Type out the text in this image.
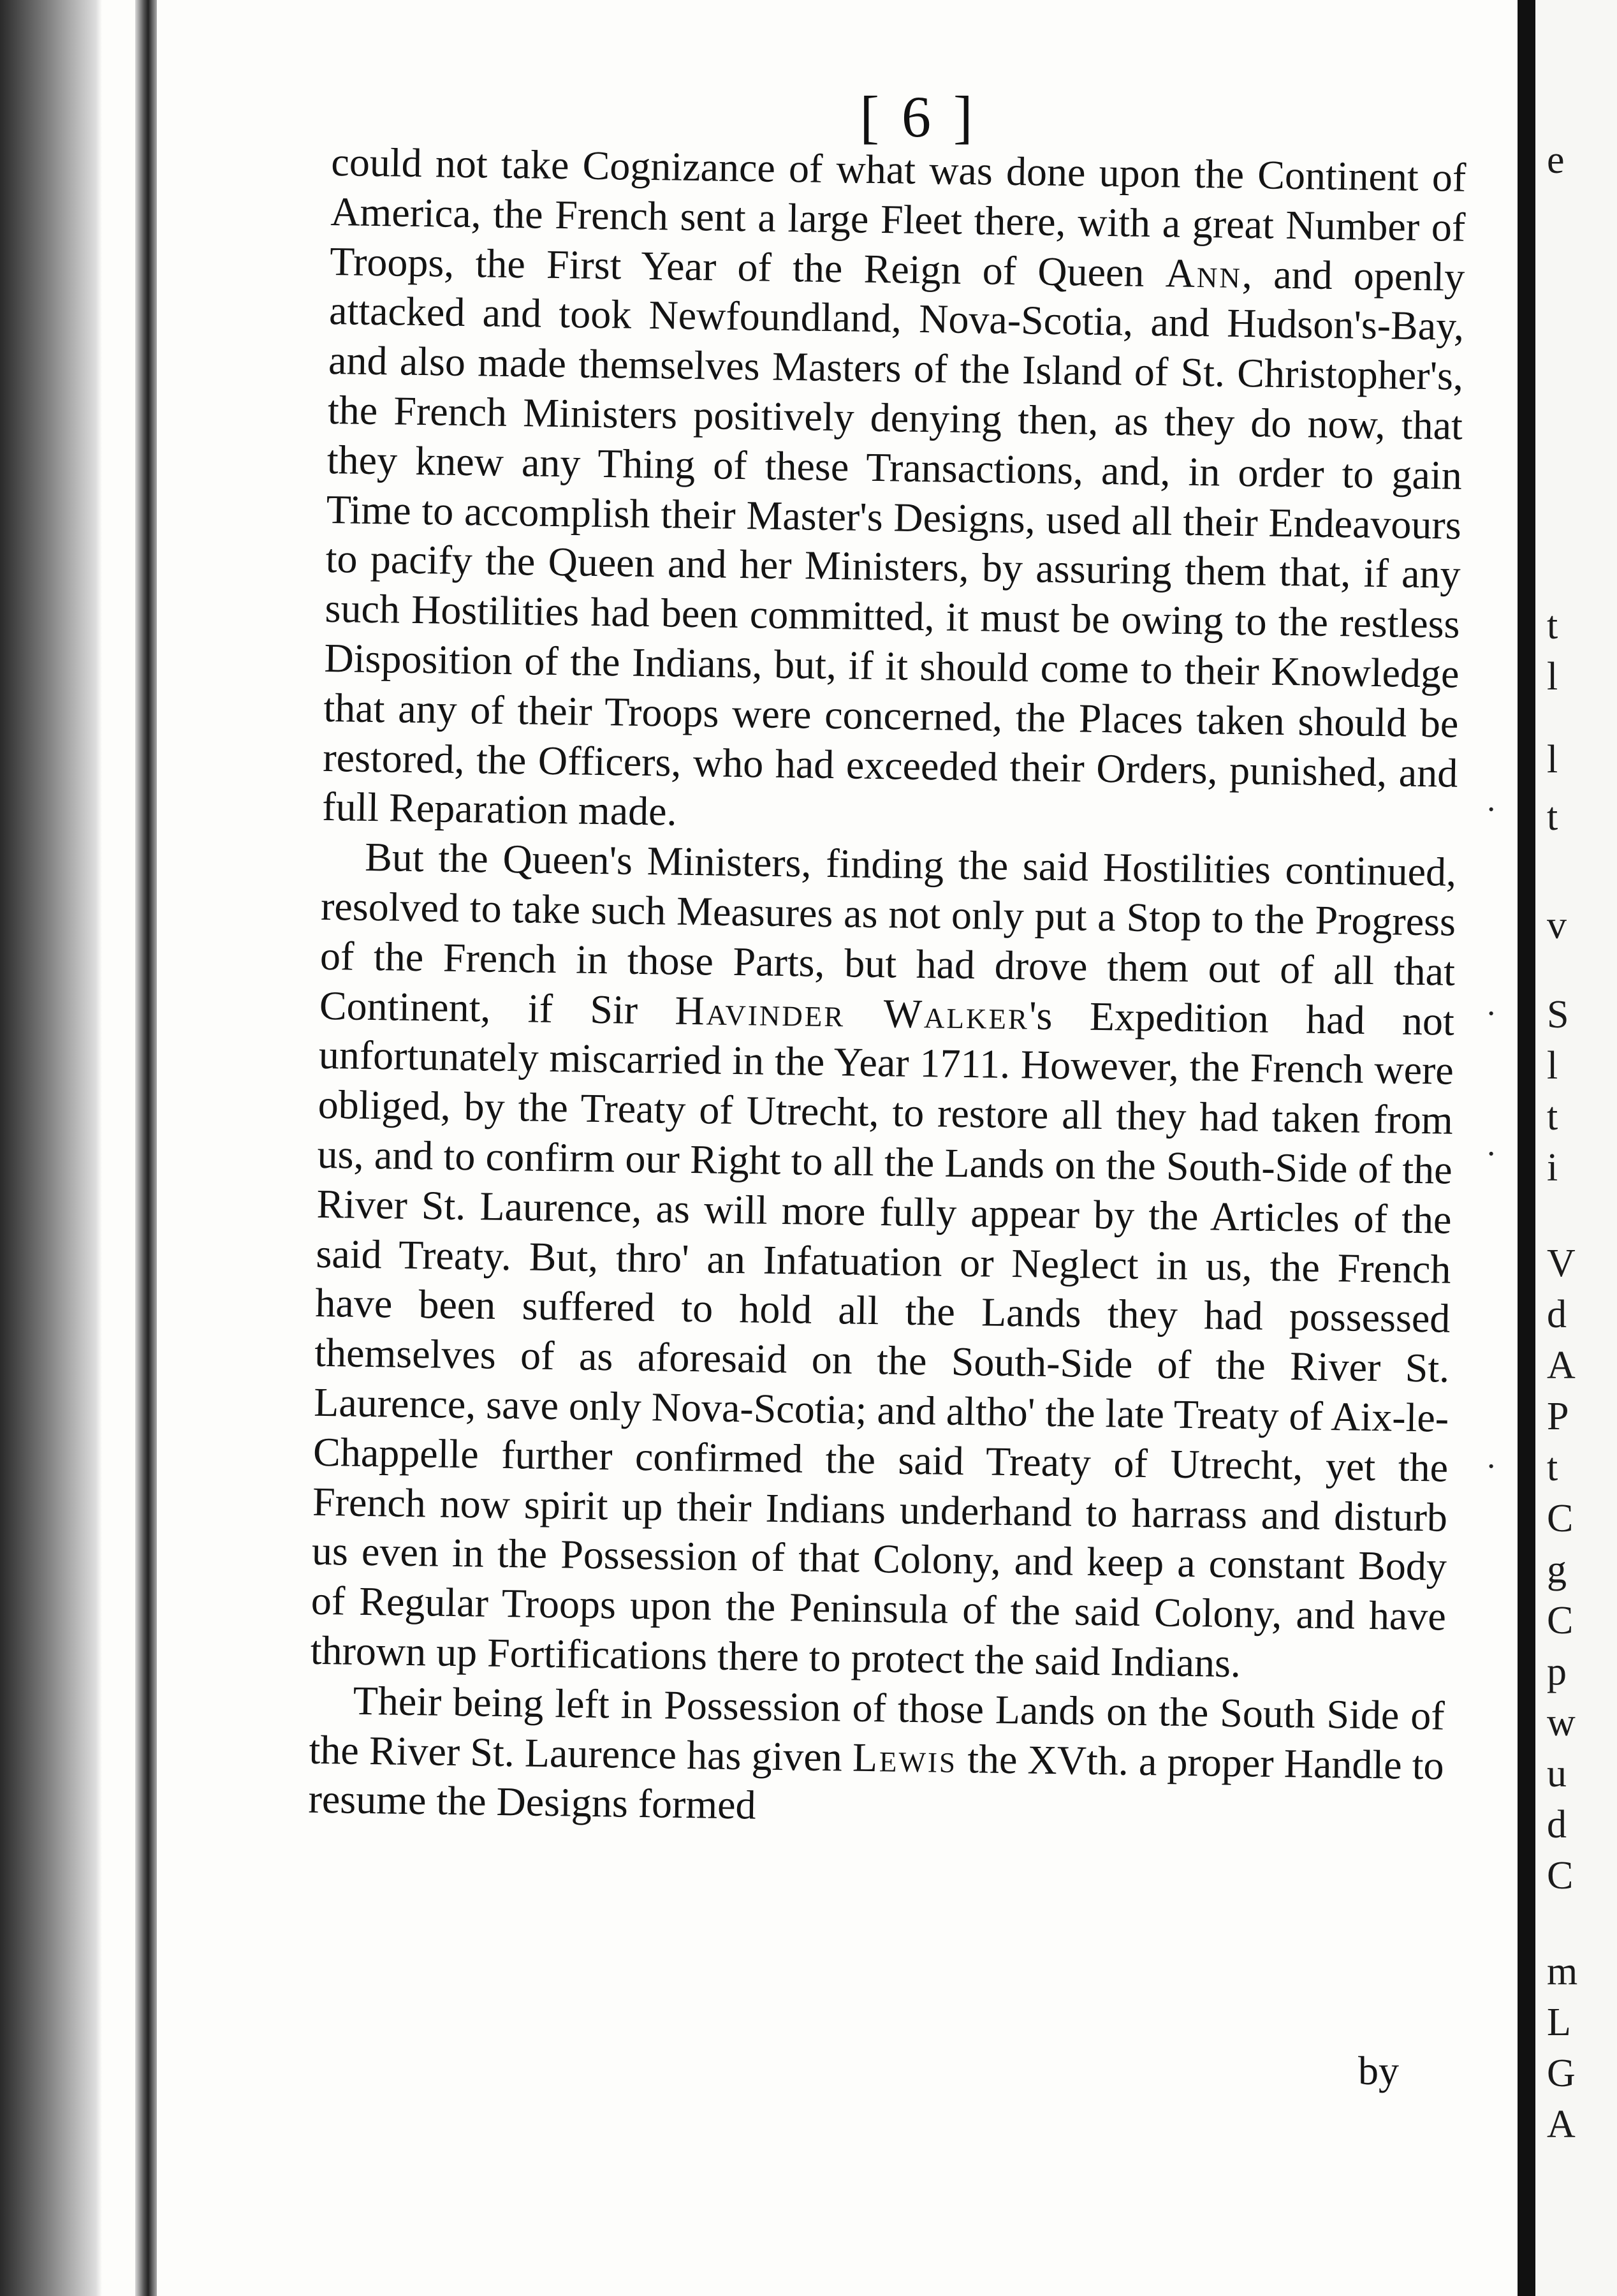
e
t
l
l
t
v
S
l
t
i
V
d
A
P
t
C
g
C
p
w
u
d
C
m
L
G
A
·
·
·
·
[ 6 ]

could not take Cognizance of what was done upon the Continent of America, the French sent a large Fleet there, with a great Number of Troops, the First Year of the Reign of Queen Ann, and openly attacked and took Newfoundland, Nova-Scotia, and Hudson's-Bay, and also made themselves Masters of the Island of St. Christopher's, the French Ministers positively denying then, as they do now, that they knew any Thing of these Transactions, and, in order to gain Time to accomplish their Master's Designs, used all their Endeavours to pacify the Queen and her Ministers, by assuring them that, if any such Hostilities had been committed, it must be owing to the restless Disposition of the Indians, but, if it should come to their Knowledge that any of their Troops were concerned, the Places taken should be restored, the Officers, who had exceeded their Orders, punished, and full Reparation made.

But the Queen's Ministers, finding the said Hostilities continued, resolved to take such Measures as not only put a Stop to the Progress of the French in those Parts, but had drove them out of all that Continent, if Sir Havinder Walker's Expedition had not unfortunately miscarried in the Year 1711. However, the French were obliged, by the Treaty of Utrecht, to restore all they had taken from us, and to confirm our Right to all the Lands on the South-Side of the River St. Laurence, as will more fully appear by the Articles of the said Treaty. But, thro' an Infatuation or Neglect in us, the French have been suffered to hold all the Lands they had possessed themselves of as aforesaid on the South-Side of the River St. Laurence, save only Nova-Scotia; and altho' the late Treaty of Aix-le-Chappelle further confirmed the said Treaty of Utrecht, yet the French now spirit up their Indians underhand to harrass and disturb us even in the Possession of that Colony, and keep a constant Body of Regular Troops upon the Peninsula of the said Colony, and have thrown up Fortifications there to protect the said Indians.

Their being left in Possession of those Lands on the South Side of the River St. Laurence has given Lewis the XVth. a proper Handle to resume the Designs formed

by
